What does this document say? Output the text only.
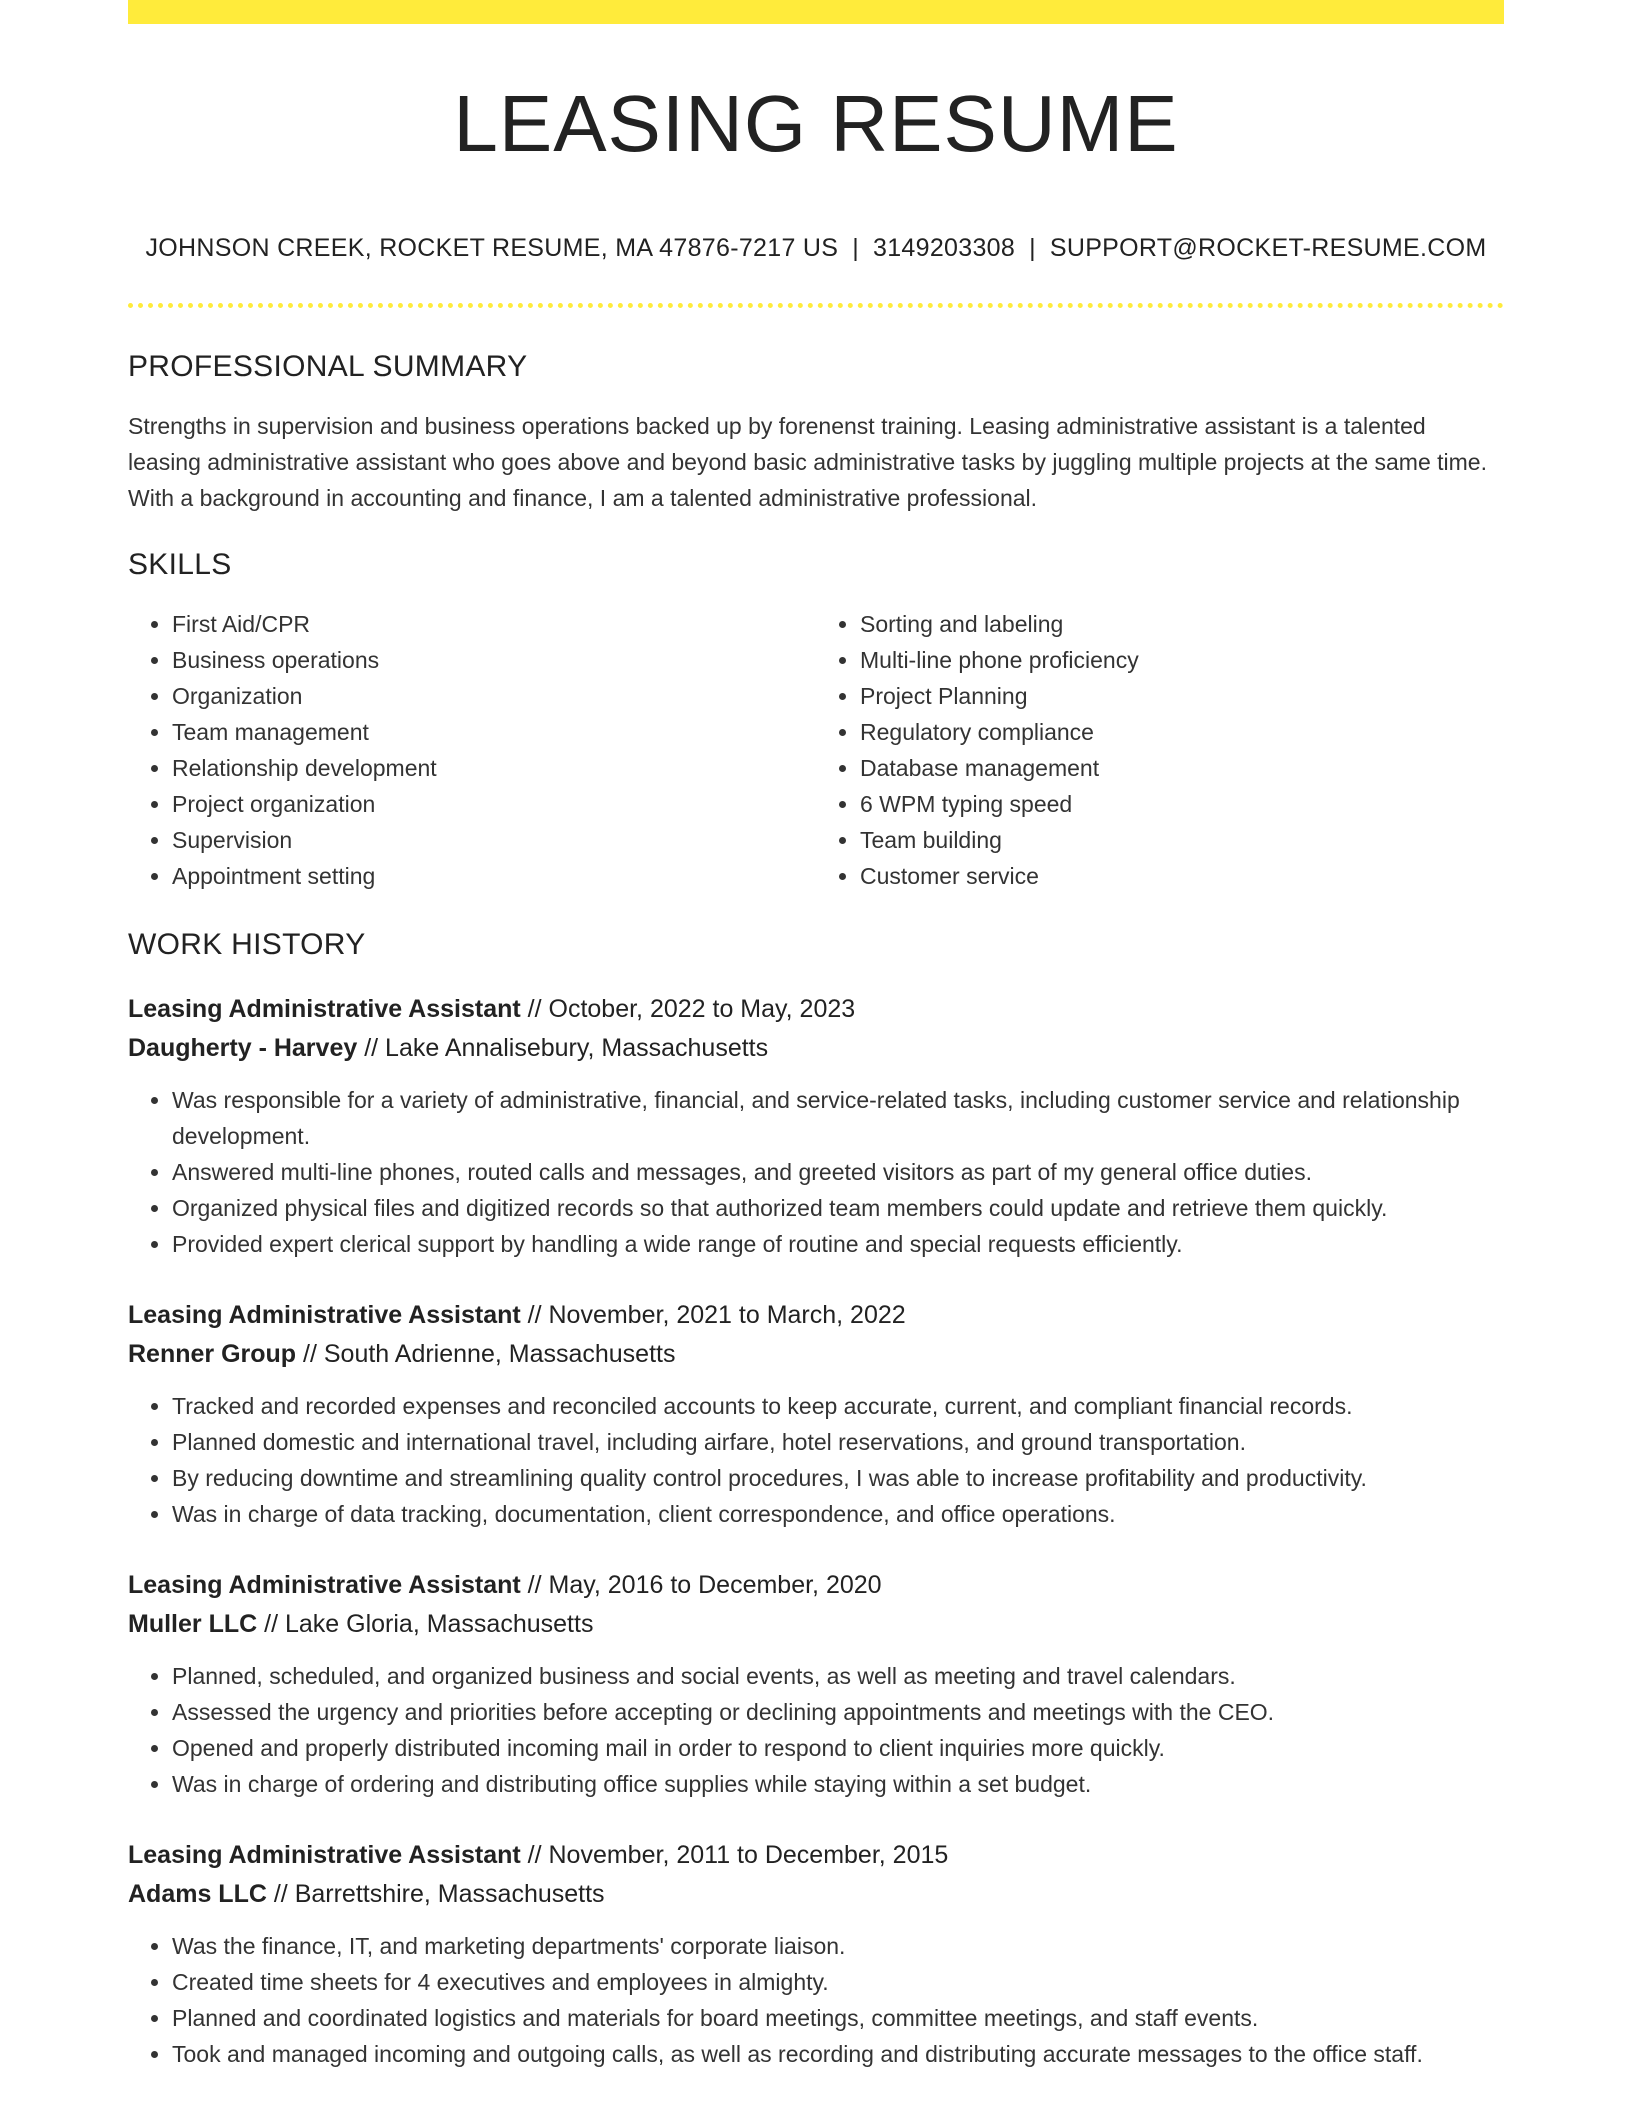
LEASING RESUME
JOHNSON CREEK, ROCKET RESUME, MA 47876-7217 US | 3149203308 | SUPPORT@ROCKET-RESUME.COM
PROFESSIONAL SUMMARY
Strengths in supervision and business operations backed up by forenenst training. Leasing administrative assistant is a talented leasing administrative assistant who goes above and beyond basic administrative tasks by juggling multiple projects at the same time. With a background in accounting and finance, I am a talented administrative professional.
SKILLS
• First Aid/CPR
• Business operations
• Organization
• Team management
• Relationship development
• Project organization
• Supervision
• Appointment setting
• Sorting and labeling
• Multi-line phone proficiency
• Project Planning
• Regulatory compliance
• Database management
• 6 WPM typing speed
• Team building
• Customer service
WORK HISTORY
Leasing Administrative Assistant // October, 2022 to May, 2023
Daugherty - Harvey // Lake Annalisebury, Massachusetts
• Was responsible for a variety of administrative, financial, and service-related tasks, including customer service and relationship development.
• Answered multi-line phones, routed calls and messages, and greeted visitors as part of my general office duties.
• Organized physical files and digitized records so that authorized team members could update and retrieve them quickly.
• Provided expert clerical support by handling a wide range of routine and special requests efficiently.
Leasing Administrative Assistant // November, 2021 to March, 2022
Renner Group // South Adrienne, Massachusetts
• Tracked and recorded expenses and reconciled accounts to keep accurate, current, and compliant financial records.
• Planned domestic and international travel, including airfare, hotel reservations, and ground transportation.
• By reducing downtime and streamlining quality control procedures, I was able to increase profitability and productivity.
• Was in charge of data tracking, documentation, client correspondence, and office operations.
Leasing Administrative Assistant // May, 2016 to December, 2020
Muller LLC // Lake Gloria, Massachusetts
• Planned, scheduled, and organized business and social events, as well as meeting and travel calendars.
• Assessed the urgency and priorities before accepting or declining appointments and meetings with the CEO.
• Opened and properly distributed incoming mail in order to respond to client inquiries more quickly.
• Was in charge of ordering and distributing office supplies while staying within a set budget.
Leasing Administrative Assistant // November, 2011 to December, 2015
Adams LLC // Barrettshire, Massachusetts
• Was the finance, IT, and marketing departments' corporate liaison.
• Created time sheets for 4 executives and employees in almighty.
• Planned and coordinated logistics and materials for board meetings, committee meetings, and staff events.
• Took and managed incoming and outgoing calls, as well as recording and distributing accurate messages to the office staff.
